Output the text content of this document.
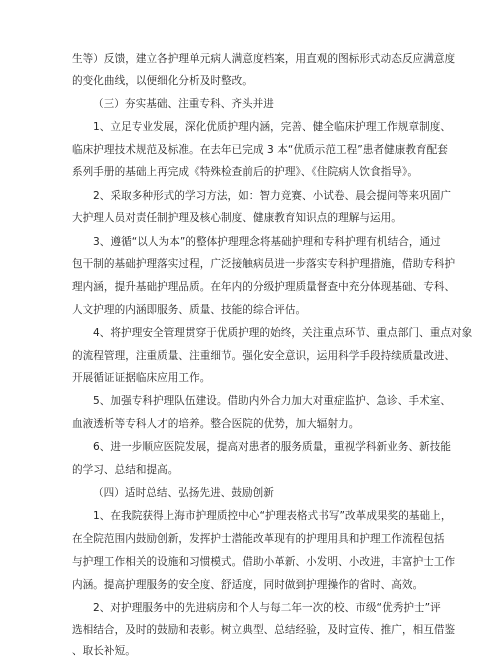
生等）反馈，建立各护理单元病人满意度档案，用直观的图标形式动态反应满意度
的变化曲线，以便细化分析及时整改。
（三）夯实基础、注重专科、齐头并进
1、立足专业发展，深化优质护理内涵，完善、健全临床护理工作规章制度、
临床护理技术规范及标准。在去年已完成 3 本“优质示范工程”患者健康教育配套
系列手册的基础上再完成《特殊检查前后的护理》、《住院病人饮食指导》。
2、采取多种形式的学习方法，如：智力竞赛、小试卷、晨会提问等来巩固广
大护理人员对责任制护理及核心制度、健康教育知识点的理解与运用。
3、遵循“以人为本”的整体护理理念将基础护理和专科护理有机结合，通过
包干制的基础护理落实过程，广泛接触病员进一步落实专科护理措施，借助专科护
理内涵，提升基础护理品质。在年内的分级护理质量督查中充分体现基础、专科、
人文护理的内涵即服务、质量、技能的综合评估。
4、将护理安全管理贯穿于优质护理的始终，关注重点环节、重点部门、重点对象
的流程管理，注重质量、注重细节。强化安全意识，运用科学手段持续质量改进、
开展循证证据临床应用工作。
5、加强专科护理队伍建设。借助内外合力加大对重症监护、急诊、手术室、
血液透析等专科人才的培养。整合医院的优势，加大辐射力。
6、进一步顺应医院发展，提高对患者的服务质量，重视学科新业务、新技能
的学习、总结和提高。
（四）适时总结、弘扬先进、鼓励创新
1、在我院获得上海市护理质控中心“护理表格式书写”改革成果奖的基础上，
在全院范围内鼓励创新，发挥护士潜能改革现有的护理用具和护理工作流程包括
与护理工作相关的设施和习惯模式。借助小革新、小发明、小改进，丰富护士工作
内涵。提高护理服务的安全度、舒适度，同时做到护理操作的省时、高效。
2、对护理服务中的先进病房和个人与每二年一次的校、市级“优秀护士”评
选相结合，及时的鼓励和表彰。树立典型、总结经验，及时宣传、推广，相互借鉴
、取长补短。
